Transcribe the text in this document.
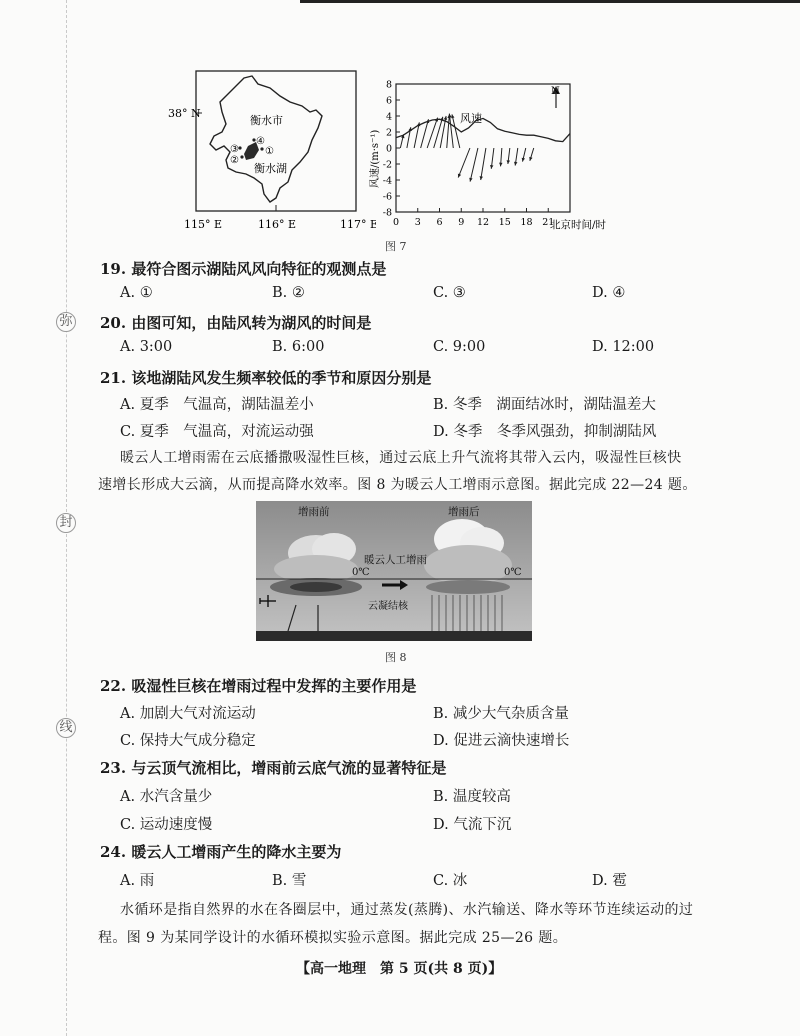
弥
封
线
③
②
④
①
衡水市
衡水湖
38° N
115° E	116° E	117° E
8
6
4
2
0
-2
-4
-6
-8
0 3 6 9 12 15 18 21
风速/(m·s⁻¹)
风速
北京时间/时
N
图 7
19. 最符合图示湖陆风风向特征的观测点是
A. ①	B. ②	C. ③	D. ④
20. 由图可知，由陆风转为湖风的时间是
A. 3:00	B. 6:00	C. 9:00	D. 12:00
21. 该地湖陆风发生频率较低的季节和原因分别是
A. 夏季　气温高，湖陆温差小	B. 冬季　湖面结冰时，湖陆温差大
C. 夏季　气温高，对流运动强	D. 冬季　冬季风强劲，抑制湖陆风
暖云人工增雨需在云底播撒吸湿性巨核，通过云底上升气流将其带入云内，吸湿性巨核快
速增长形成大云滴，从而提高降水效率。图 8 为暖云人工增雨示意图。据此完成 22—24 题。
增雨前	增雨后
暖云人工增雨
0℃	0℃
云凝结核
图 8
22. 吸湿性巨核在增雨过程中发挥的主要作用是
A. 加剧大气对流运动	B. 减少大气杂质含量
C. 保持大气成分稳定	D. 促进云滴快速增长
23. 与云顶气流相比，增雨前云底气流的显著特征是
A. 水汽含量少	B. 温度较高
C. 运动速度慢	D. 气流下沉
24. 暖云人工增雨产生的降水主要为
A. 雨	B. 雪	C. 冰	D. 雹
水循环是指自然界的水在各圈层中，通过蒸发(蒸腾)、水汽输送、降水等环节连续运动的过
程。图 9 为某同学设计的水循环模拟实验示意图。据此完成 25—26 题。
【高一地理　第 5 页(共 8 页)】
